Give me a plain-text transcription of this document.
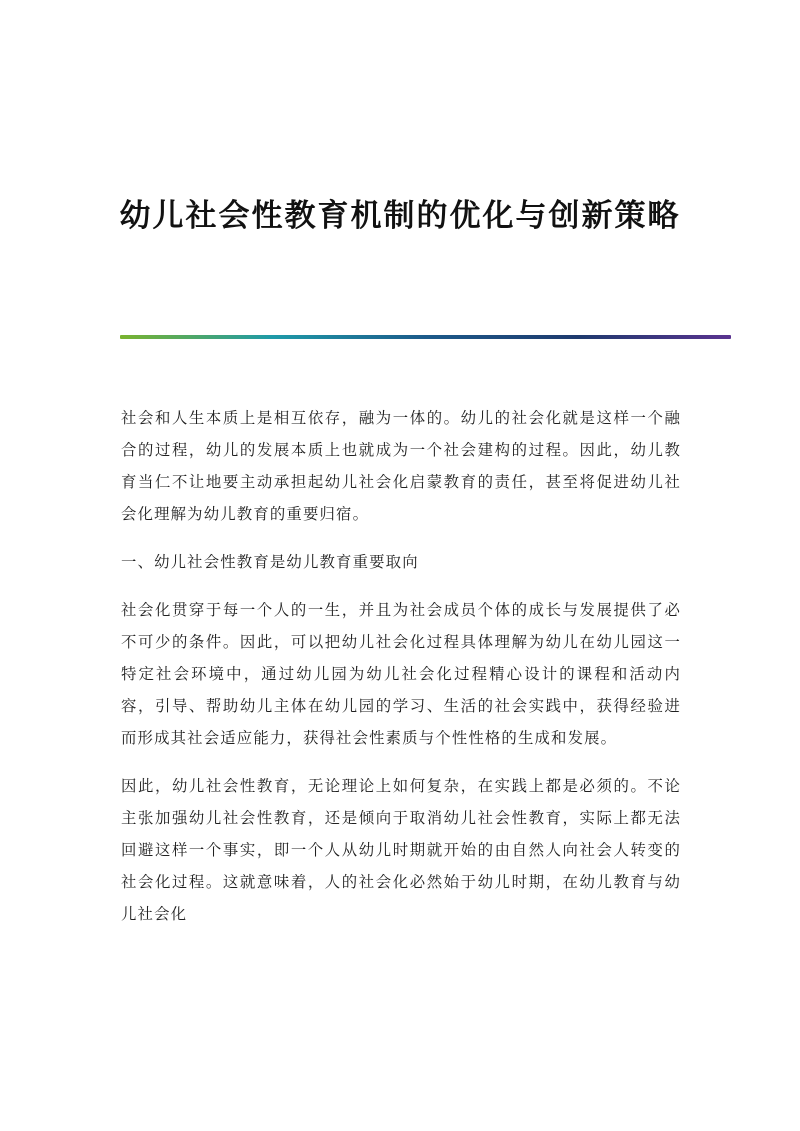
幼儿社会性教育机制的优化与创新策略

社会和人生本质上是相互依存，融为一体的。幼儿的社会化就是这样一个融合的过程，幼儿的发展本质上也就成为一个社会建构的过程。因此，幼儿教育当仁不让地要主动承担起幼儿社会化启蒙教育的责任，甚至将促进幼儿社会化理解为幼儿教育的重要归宿。

一、幼儿社会性教育是幼儿教育重要取向

社会化贯穿于每一个人的一生，并且为社会成员个体的成长与发展提供了必不可少的条件。因此，可以把幼儿社会化过程具体理解为幼儿在幼儿园这一特定社会环境中，通过幼儿园为幼儿社会化过程精心设计的课程和活动内容，引导、帮助幼儿主体在幼儿园的学习、生活的社会实践中，获得经验进而形成其社会适应能力，获得社会性素质与个性性格的生成和发展。

因此，幼儿社会性教育，无论理论上如何复杂，在实践上都是必须的。不论主张加强幼儿社会性教育，还是倾向于取消幼儿社会性教育，实际上都无法回避这样一个事实，即一个人从幼儿时期就开始的由自然人向社会人转变的社会化过程。这就意味着，人的社会化必然始于幼儿时期，在幼儿教育与幼儿社会化
